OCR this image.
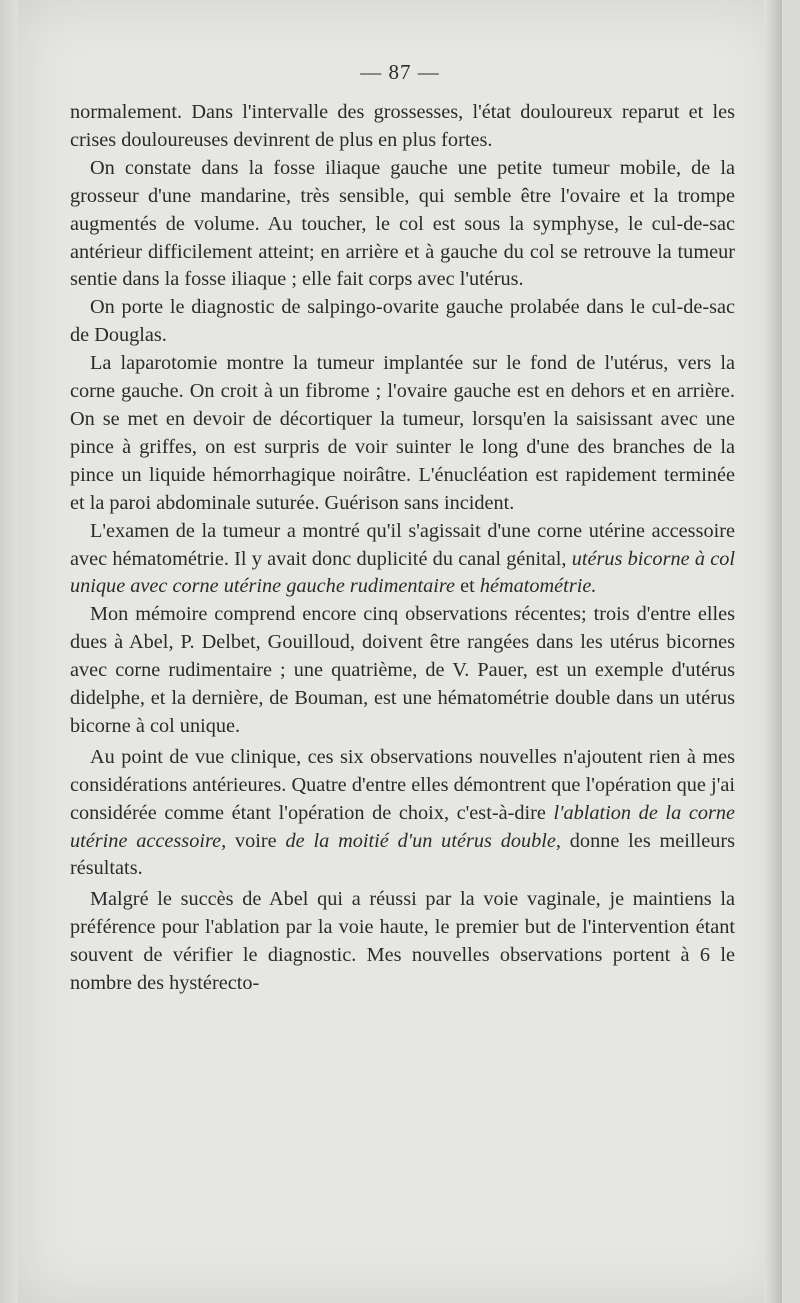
— 87 —

normalement. Dans l'intervalle des grossesses, l'état douloureux reparut et les crises douloureuses devinrent de plus en plus fortes.

On constate dans la fosse iliaque gauche une petite tumeur mobile, de la grosseur d'une mandarine, très sensible, qui semble être l'ovaire et la trompe augmentés de volume. Au toucher, le col est sous la symphyse, le cul-de-sac antérieur difficilement atteint; en arrière et à gauche du col se retrouve la tumeur sentie dans la fosse iliaque ; elle fait corps avec l'utérus.

On porte le diagnostic de salpingo-ovarite gauche prolabée dans le cul-de-sac de Douglas.

La laparotomie montre la tumeur implantée sur le fond de l'utérus, vers la corne gauche. On croit à un fibrome ; l'ovaire gauche est en dehors et en arrière. On se met en devoir de décortiquer la tumeur, lorsqu'en la saisissant avec une pince à griffes, on est surpris de voir suinter le long d'une des branches de la pince un liquide hémorrhagique noirâtre. L'énucléation est rapidement terminée et la paroi abdominale suturée. Guérison sans incident.

L'examen de la tumeur a montré qu'il s'agissait d'une corne utérine accessoire avec hématométrie. Il y avait donc duplicité du canal génital, utérus bicorne à col unique avec corne utérine gauche rudimentaire et hématométrie.

Mon mémoire comprend encore cinq observations récentes; trois d'entre elles dues à Abel, P. Delbet, Gouilloud, doivent être rangées dans les utérus bicornes avec corne rudimentaire ; une quatrième, de V. Pauer, est un exemple d'utérus didelphe, et la dernière, de Bouman, est une hématométrie double dans un utérus bicorne à col unique.

Au point de vue clinique, ces six observations nouvelles n'ajoutent rien à mes considérations antérieures. Quatre d'entre elles démontrent que l'opération que j'ai considérée comme étant l'opération de choix, c'est-à-dire l'ablation de la corne utérine accessoire, voire de la moitié d'un utérus double, donne les meilleurs résultats.

Malgré le succès de Abel qui a réussi par la voie vaginale, je maintiens la préférence pour l'ablation par la voie haute, le premier but de l'intervention étant souvent de vérifier le diagnostic. Mes nouvelles observations portent à 6 le nombre des hystérecto-
